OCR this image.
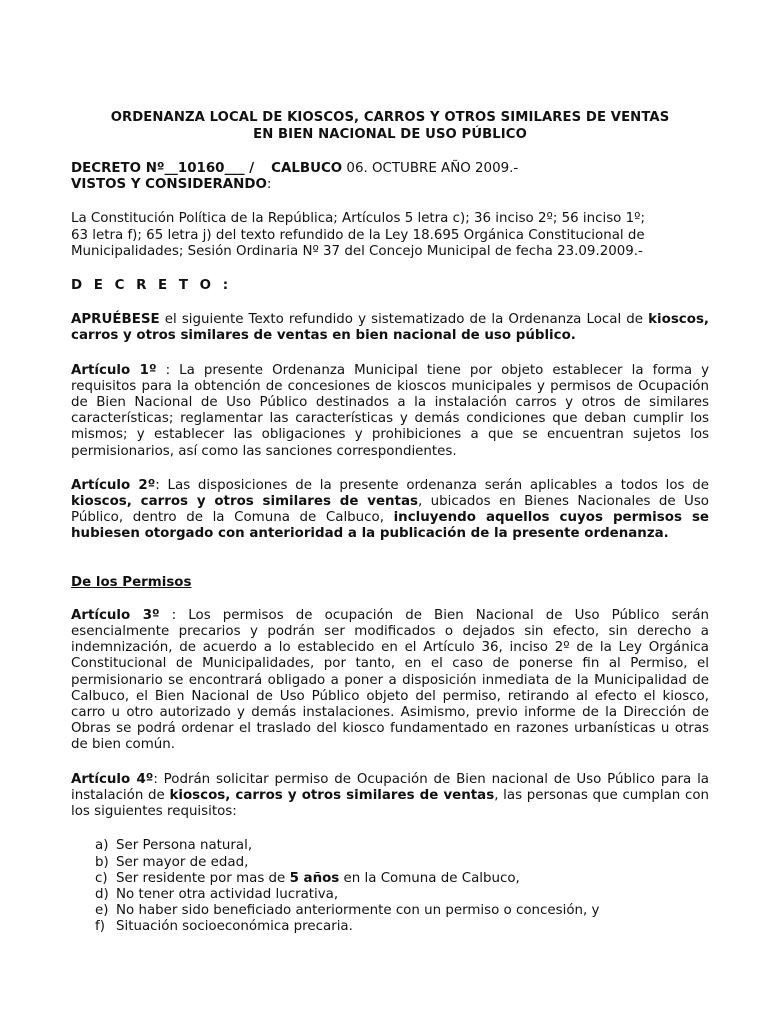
ORDENANZA LOCAL DE KIOSCOS, CARROS Y OTROS SIMILARES DE VENTAS
EN BIEN NACIONAL DE USO PÚBLICO
DECRETO Nº__10160___ / CALBUCO 06. OCTUBRE AÑO 2009.-
VISTOS Y CONSIDERANDO:
La Constitución Política de la República; Artículos 5 letra c); 36 inciso 2º; 56 inciso 1º;
63 letra f); 65 letra j) del texto refundido de la Ley 18.695 Orgánica Constitucional de
Municipalidades; Sesión Ordinaria Nº 37 del Concejo Municipal de fecha 23.09.2009.-
D E C R E T O :

APRUÉBESE el siguiente Texto refundido y sistematizado de la Ordenanza Local de kioscos, carros y otros similares de ventas en bien nacional de uso público.

Artículo 1º : La presente Ordenanza Municipal tiene por objeto establecer la forma y requisitos para la obtención de concesiones de kioscos municipales y permisos de Ocupación de Bien Nacional de Uso Público destinados a la instalación carros y otros de similares características; reglamentar las características y demás condiciones que deban cumplir los mismos; y establecer las obligaciones y prohibiciones a que se encuentran sujetos los permisionarios, así como las sanciones correspondientes.

Artículo 2º: Las disposiciones de la presente ordenanza serán aplicables a todos los de kioscos, carros y otros similares de ventas, ubicados en Bienes Nacionales de Uso Público, dentro de la Comuna de Calbuco, incluyendo aquellos cuyos permisos se hubiesen otorgado con anterioridad a la publicación de la presente ordenanza.

De los Permisos

Artículo 3º : Los permisos de ocupación de Bien Nacional de Uso Público serán esencialmente precarios y podrán ser modificados o dejados sin efecto, sin derecho a indemnización, de acuerdo a lo establecido en el Artículo 36, inciso 2º de la Ley Orgánica Constitucional de Municipalidades, por tanto, en el caso de ponerse fin al Permiso, el permisionario se encontrará obligado a poner a disposición inmediata de la Municipalidad de Calbuco, el Bien Nacional de Uso Público objeto del permiso, retirando al efecto el kiosco, carro u otro autorizado y demás instalaciones. Asimismo, previo informe de la Dirección de Obras se podrá ordenar el traslado del kiosco fundamentado en razones urbanísticas u otras de bien común.

Artículo 4º: Podrán solicitar permiso de Ocupación de Bien nacional de Uso Público para la instalación de kioscos, carros y otros similares de ventas, las personas que cumplan con los siguientes requisitos:

a) Ser Persona natural,
b) Ser mayor de edad,
c) Ser residente por mas de 5 años en la Comuna de Calbuco,
d) No tener otra actividad lucrativa,
e) No haber sido beneficiado anteriormente con un permiso o concesión, y
f) Situación socioeconómica precaria.
